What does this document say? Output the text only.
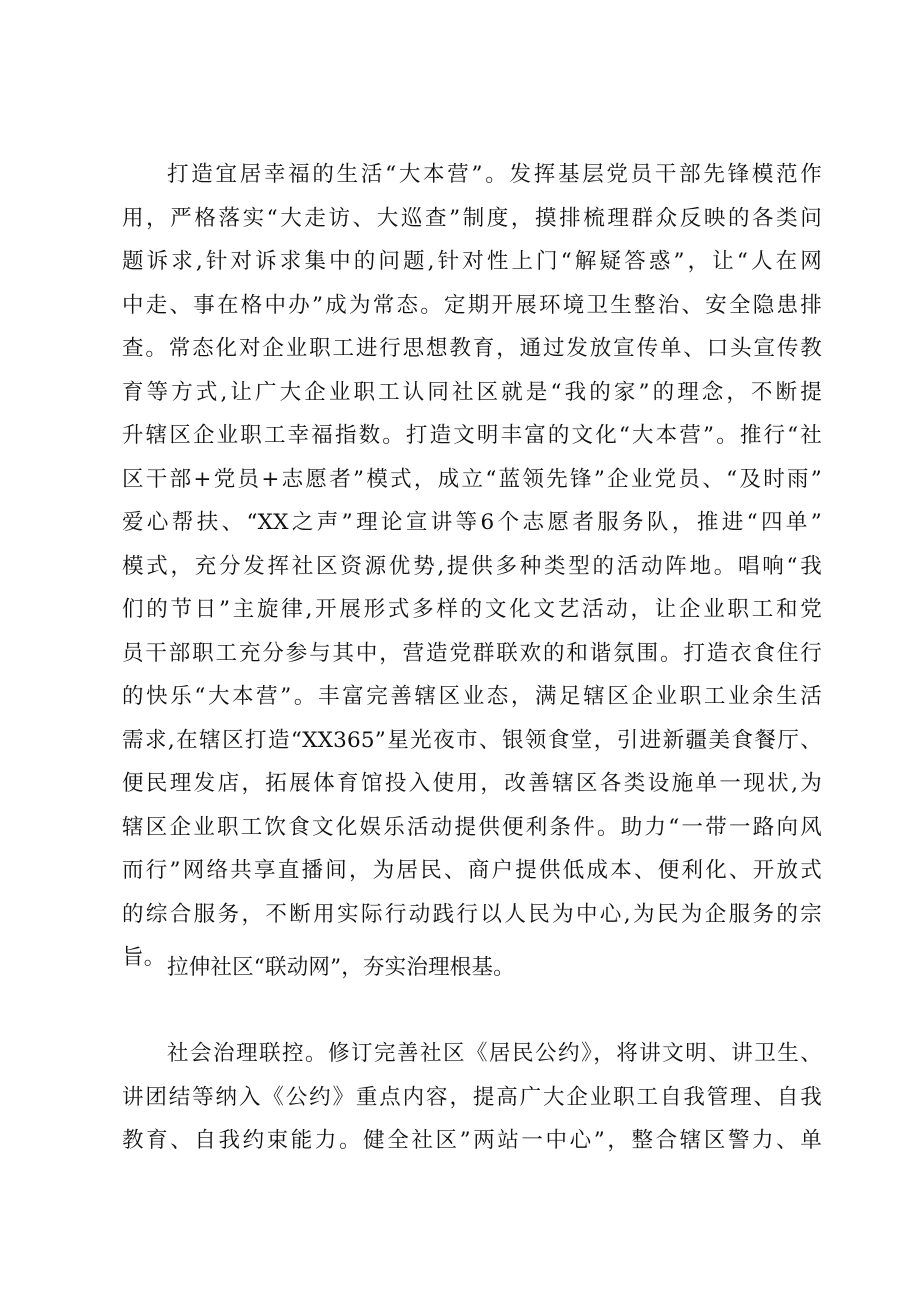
打造宜居幸福的生活“大本营”。发挥基层党员干部先锋模范作
用，严格落实“大走访、大巡查”制度，摸排梳理群众反映的各类问
题诉求,针对诉求集中的问题,针对性上门“解疑答惑”，让“人在网
中走、事在格中办”成为常态。定期开展环境卫生整治、安全隐患排
查。常态化对企业职工进行思想教育，通过发放宣传单、口头宣传教
育等方式,让广大企业职工认同社区就是“我的家”的理念，不断提
升辖区企业职工幸福指数。打造文明丰富的文化“大本营”。推行“社
区干部+党员+志愿者”模式，成立“蓝领先锋”企业党员、“及时雨”
爱心帮扶、“XX之声”理论宣讲等6个志愿者服务队，推进“四单”
模式，充分发挥社区资源优势,提供多种类型的活动阵地。唱响“我
们的节日”主旋律,开展形式多样的文化文艺活动，让企业职工和党
员干部职工充分参与其中，营造党群联欢的和谐氛围。打造衣食住行
的快乐“大本营”。丰富完善辖区业态，满足辖区企业职工业余生活
需求,在辖区打造“XX365”星光夜市、银领食堂，引进新疆美食餐厅、
便民理发店，拓展体育馆投入使用，改善辖区各类设施单一现状,为
辖区企业职工饮食文化娱乐活动提供便利条件。助力“一带一路向风
而行”网络共享直播间，为居民、商户提供低成本、便利化、开放式
的综合服务，不断用实际行动践行以人民为中心,为民为企服务的宗
旨。 拉伸社区“联动网”，夯实治理根基。
社会治理联控。修订完善社区《居民公约》，将讲文明、讲卫生、
讲团结等纳入《公约》重点内容，提高广大企业职工自我管理、自我
教育、自我约束能力。健全社区”两站一中心”，整合辖区警力、单
